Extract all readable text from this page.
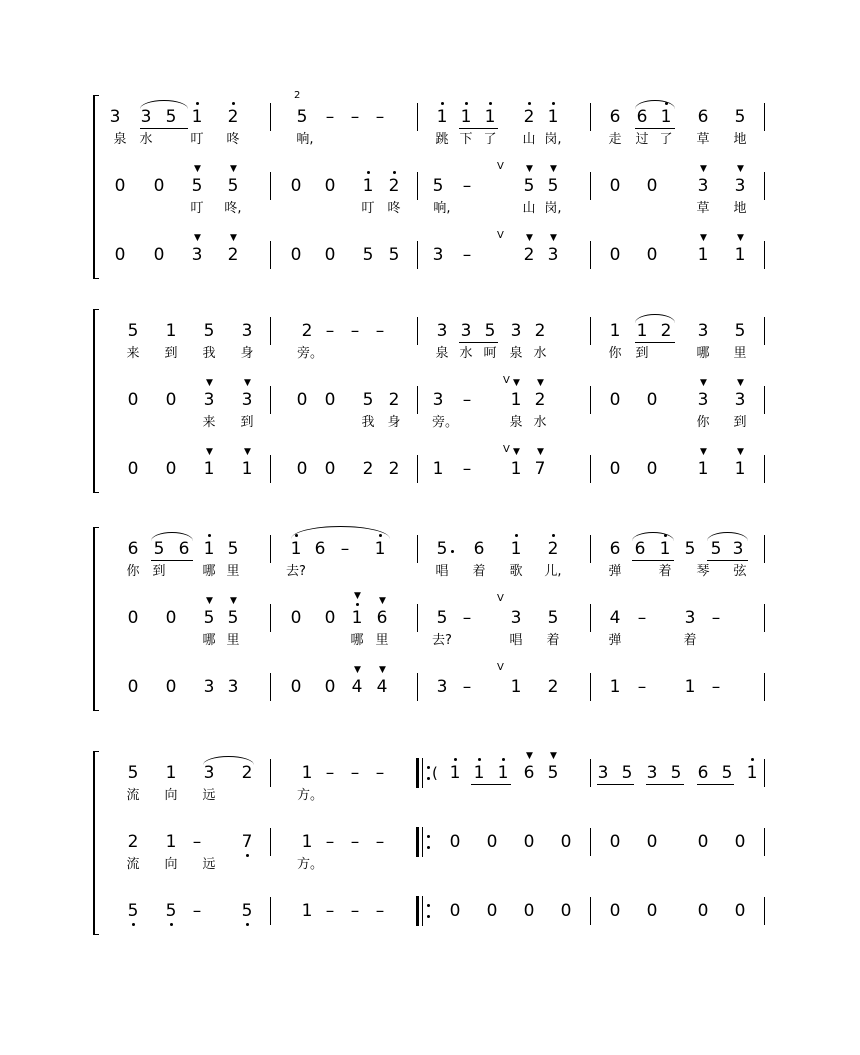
3 3 5 1 2	5 – – –	1 1 1 2 1	6 6 1 6 5
泉 水	叮 咚	响,	跳 下 了 山 岗,	走 过 了 草 地
2
0 0 5
▼
5
▼
0 0 1 2 5 –	5
▼
5
▼
0 0 3
▼
3
▼
叮 咚,	叮 咚	响,	山 岗,	草 地
V
0 0 3
▼
2
▼
0 0 5 5 3 –	2
▼
3
▼
0 0 1
▼
1
▼
V
5 1 5 3	2 – – –	3 3 5 3 2	1 1 2 3 5
来 到 我 身	旁。	泉 水 呵 泉 水	你 到	哪 里
0 0 3
▼
3
▼
0 0 5 2 3 – 1
▼
2
▼
0 0 3
▼
3
▼
来 到	我 身 旁。	泉 水	你 到
V
0 0 1
▼
1
▼
0 0 2 2 1 – 1
▼
7
▼
0 0 1
▼
1
▼
V
6 5 6 1 5	1 6 – 1	5 6 1 2	6 6 1 5 5 3
你 到	哪 里	去?	唱 着 歌 儿,	弹	着 琴 弦
0 0 5
▼
5
▼
0 0 1
▼
6
▼
5 – 3 5	4 – 3 –
哪 里	哪 里	去?	唱 着	弹	着
V
0 0 3 3	0 0 4
▼
4
▼
3 – 1 2	1 – 1 –
V
(
5 1 3 2	1 – – –	1 1 1 6
▼
5
▼
3 5 3 5 6 5 1
流 向 远	方。
2 1 – 7	1 – – –	0 0 0 0 0 0 0 0
流 向 远	方。
5 5 – 5	1 – – –	0 0 0 0 0 0 0 0
